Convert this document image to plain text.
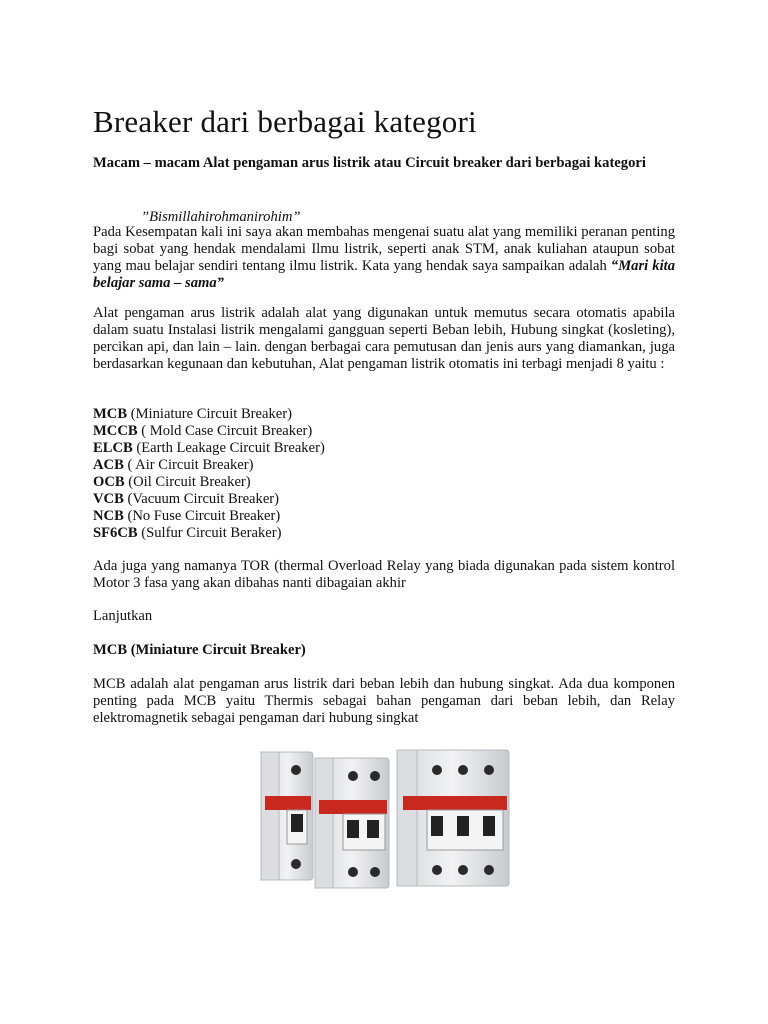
Breaker dari berbagai kategori

Macam – macam Alat pengaman arus listrik atau Circuit breaker dari berbagai kategori

”Bismillahirohmanirohim”

Pada Kesempatan kali ini saya akan membahas mengenai suatu alat yang memiliki peranan penting bagi sobat yang hendak mendalami Ilmu listrik, seperti anak STM, anak kuliahan ataupun sobat yang mau belajar sendiri tentang ilmu listrik. Kata yang hendak saya sampaikan adalah “Mari kita belajar sama – sama”

Alat pengaman arus listrik adalah alat yang digunakan untuk memutus secara otomatis apabila dalam suatu Instalasi listrik mengalami gangguan seperti Beban lebih, Hubung singkat (kosleting), percikan api, dan lain – lain. dengan berbagai cara pemutusan dan jenis aurs yang diamankan, juga berdasarkan kegunaan dan kebutuhan, Alat pengaman listrik otomatis ini terbagi menjadi 8 yaitu :

MCB (Miniature Circuit Breaker)
MCCB ( Mold Case Circuit Breaker)
ELCB (Earth Leakage Circuit Breaker)
ACB ( Air Circuit Breaker)
OCB (Oil Circuit Breaker)
VCB (Vacuum Circuit Breaker)
NCB (No Fuse Circuit Breaker)
SF6CB (Sulfur Circuit Beraker)

Ada juga yang namanya TOR (thermal Overload Relay yang biada digunakan pada sistem kontrol Motor 3 fasa yang akan dibahas nanti dibagaian akhir

Lanjutkan

MCB (Miniature Circuit Breaker)

MCB adalah alat pengaman arus listrik dari beban lebih dan hubung singkat. Ada dua komponen penting pada MCB yaitu Thermis sebagai bahan pengaman dari beban lebih, dan Relay elektromagnetik sebagai pengaman dari hubung singkat
